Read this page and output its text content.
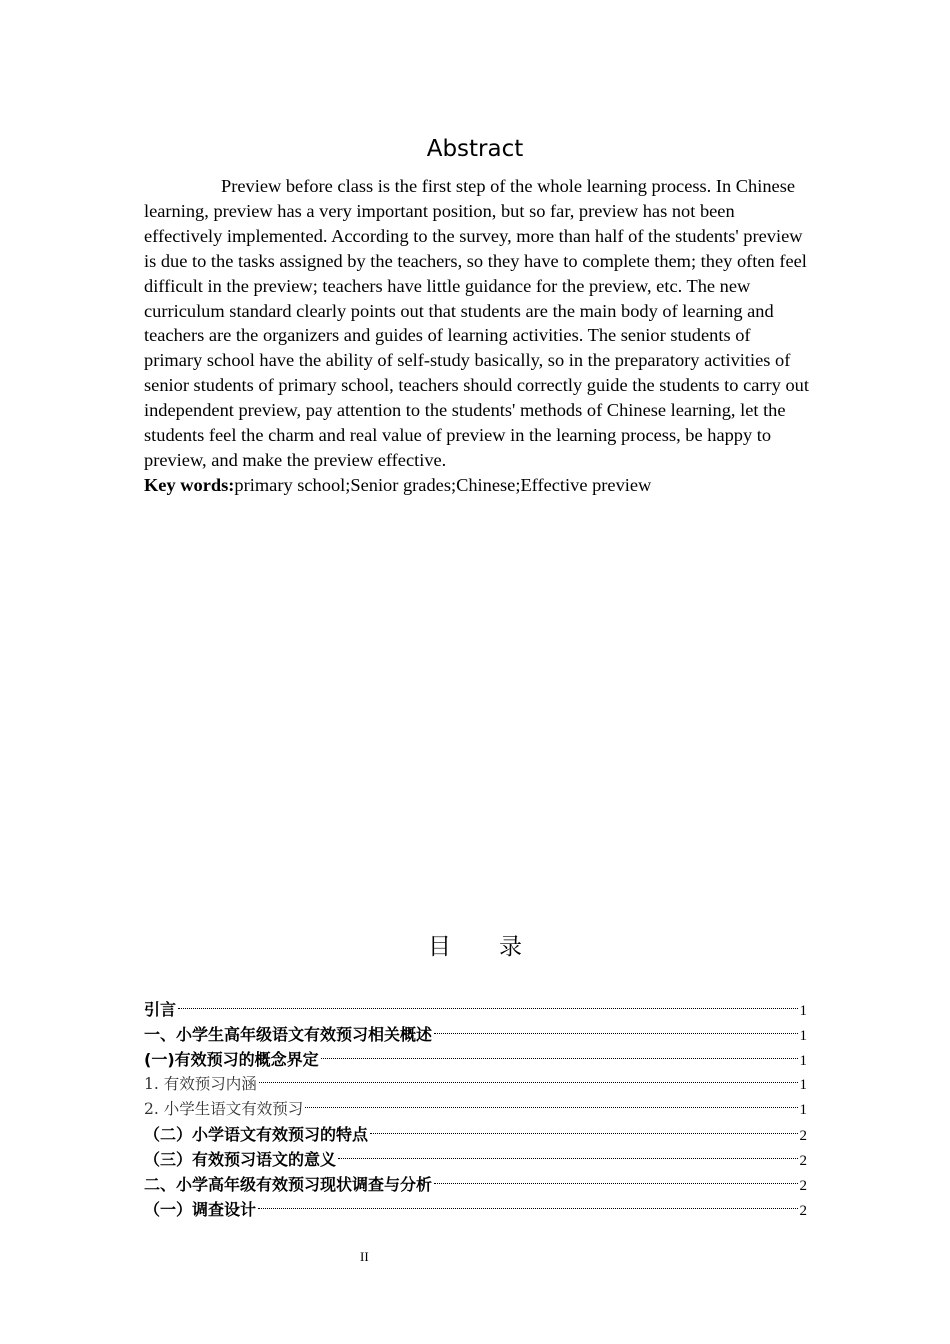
Abstract

Preview before class is the first step of the whole learning process. In Chinese learning, preview has a very important position, but so far, preview has not been effectively implemented. According to the survey, more than half of the students' preview is due to the tasks assigned by the teachers, so they have to complete them; they often feel difficult in the preview; teachers have little guidance for the preview, etc. The new curriculum standard clearly points out that students are the main body of learning and teachers are the organizers and guides of learning activities. The senior students of primary school have the ability of self-study basically, so in the preparatory activities of senior students of primary school, teachers should correctly guide the students to carry out independent preview, pay attention to the students' methods of Chinese learning, let the students feel the charm and real value of preview in the learning process, be happy to preview, and make the preview effective.

Key words:primary school;Senior grades;Chinese;Effective preview

目 录
引言	1
一、小学生高年级语文有效预习相关概述	1
(一)有效预习的概念界定	1
1. 有效预习内涵	1
2. 小学生语文有效预习	1
（二）小学语文有效预习的特点	2
（三）有效预习语文的意义	2
二、小学高年级有效预习现状调查与分析	2
（一）调查设计	2

II
